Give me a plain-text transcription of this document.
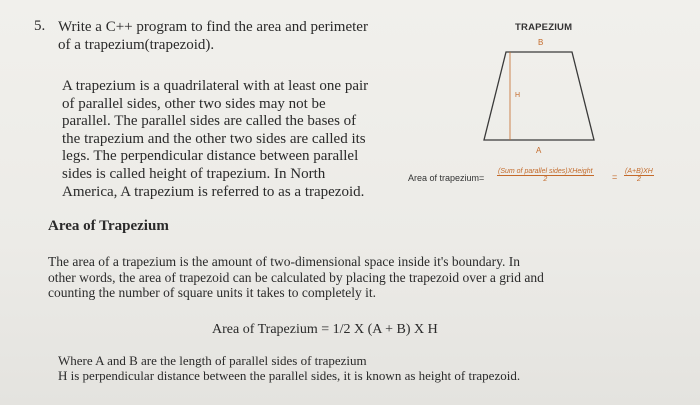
5. Write a C++ program to find the area and perimeter
of a trapezium(trapezoid).
A trapezium is a quadrilateral with at least one pair
of parallel sides, other two sides may not be
parallel. The parallel sides are called the bases of
the trapezium and the other two sides are called its
legs. The perpendicular distance between parallel
sides is called height of trapezium. In North
America, A trapezium is referred to as a trapezoid.
TRAPEZIUM
B
H
A
Area of trapezium=
(Sum of parallel sides)XHeight
2	= $\frac{(A+B)XH}{2}$
Area of Trapezium
The area of a trapezium is the amount of two-dimensional space inside it's boundary. In
other words, the area of trapezoid can be calculated by placing the trapezoid over a grid and
counting the number of square units it takes to completely it.
Area of Trapezium = 1/2 X (A + B) X H
Where A and B are the length of parallel sides of trapezium
H is perpendicular distance between the parallel sides, it is known as height of trapezoid.
